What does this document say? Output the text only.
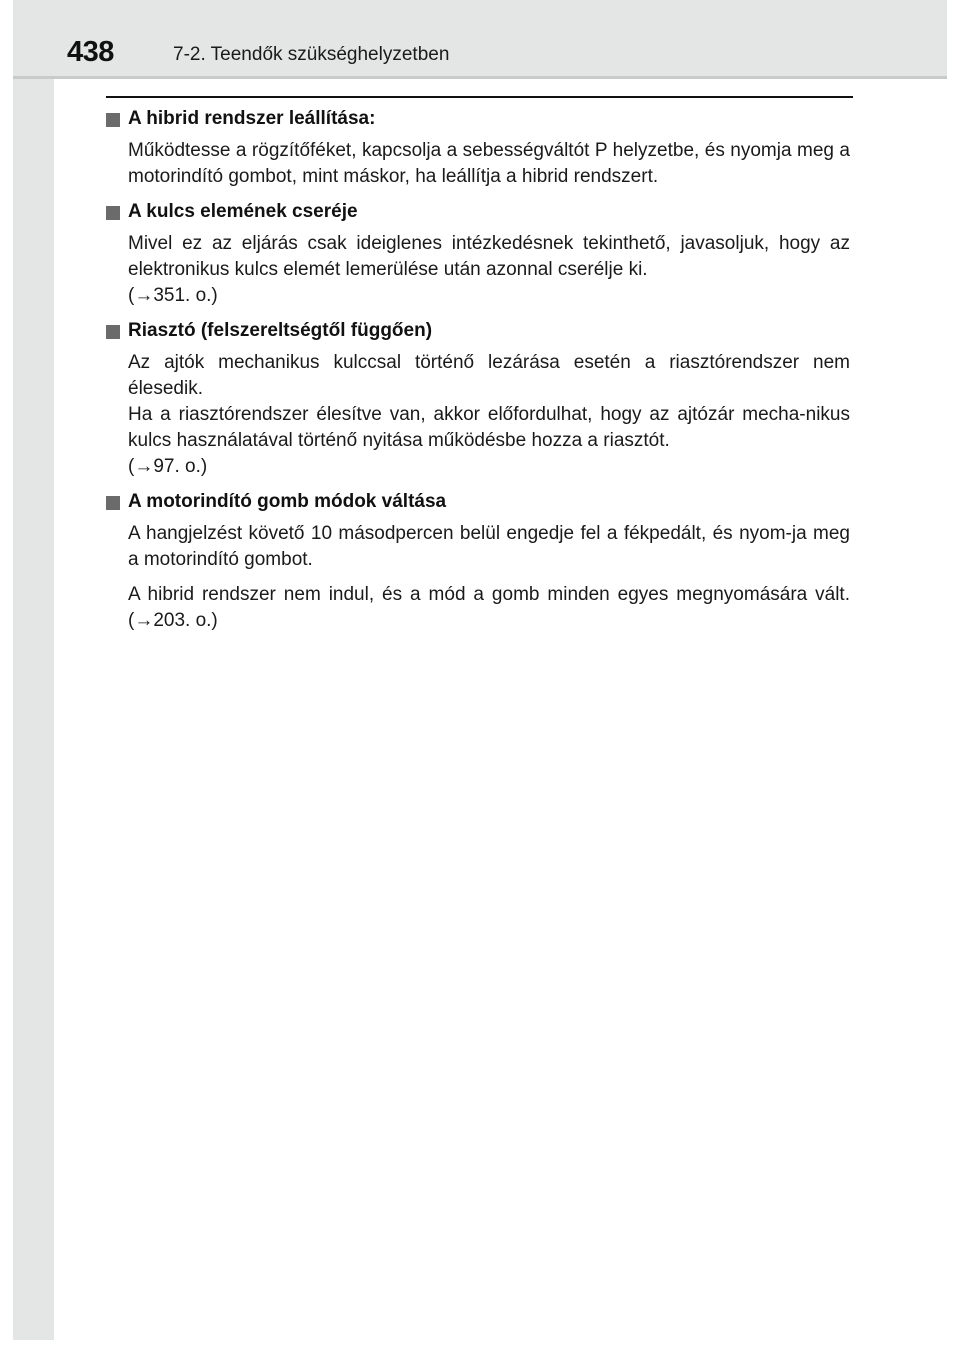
438	7-2. Teendők szükséghelyzetben
A hibrid rendszer leállítása:
Működtesse a rögzítőféket, kapcsolja a sebességváltót P helyzetbe, és nyomja meg a motorindító gombot, mint máskor, ha leállítja a hibrid rendszert.
A kulcs elemének cseréje
Mivel ez az eljárás csak ideiglenes intézkedésnek tekinthető, javasoljuk, hogy az elektronikus kulcs elemét lemerülése után azonnal cserélje ki.
(→351. o.)
Riasztó (felszereltségtől függően)
Az ajtók mechanikus kulccsal történő lezárása esetén a riasztórendszer nem élesedik.
Ha a riasztórendszer élesítve van, akkor előfordulhat, hogy az ajtózár mecha-nikus kulcs használatával történő nyitása működésbe hozza a riasztót.
(→97. o.)
A motorindító gomb módok váltása
A hangjelzést követő 10 másodpercen belül engedje fel a fékpedált, és nyom-ja meg a motorindító gombot.
A hibrid rendszer nem indul, és a mód a gomb minden egyes megnyomására vált. (→203. o.)
